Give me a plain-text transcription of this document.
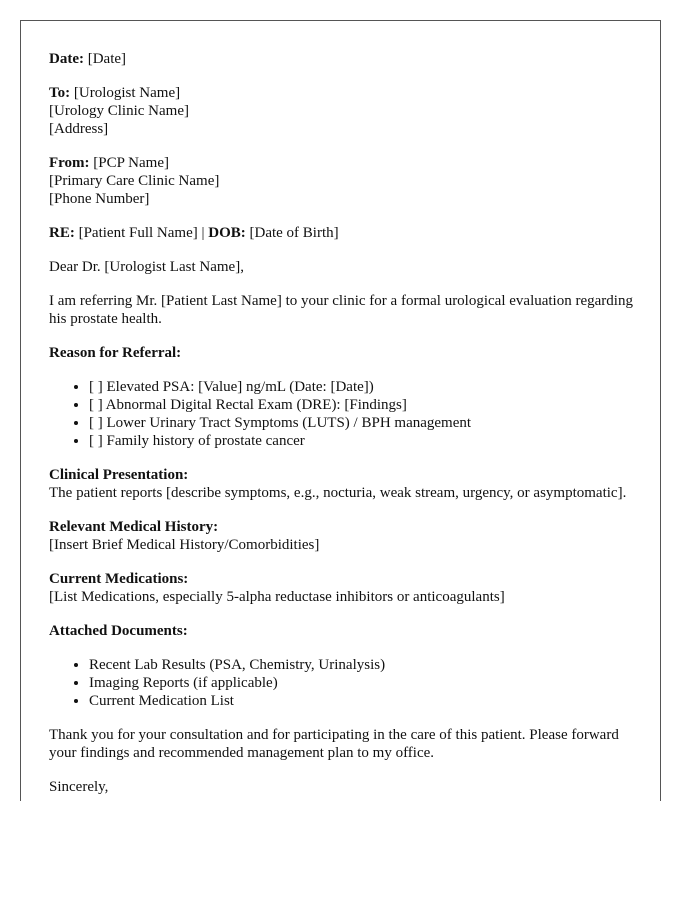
Date: [Date]

To: [Urologist Name]
[Urology Clinic Name]
[Address]

From: [PCP Name]
[Primary Care Clinic Name]
[Phone Number]

RE: [Patient Full Name] | DOB: [Date of Birth]

Dear Dr. [Urologist Last Name],

I am referring Mr. [Patient Last Name] to your clinic for a formal urological evaluation regarding his prostate health.

Reason for Referral:

• [ ] Elevated PSA: [Value] ng/mL (Date: [Date])
• [ ] Abnormal Digital Rectal Exam (DRE): [Findings]
• [ ] Lower Urinary Tract Symptoms (LUTS) / BPH management
• [ ] Family history of prostate cancer

Clinical Presentation:
The patient reports [describe symptoms, e.g., nocturia, weak stream, urgency, or asymptomatic].

Relevant Medical History:
[Insert Brief Medical History/Comorbidities]

Current Medications:
[List Medications, especially 5-alpha reductase inhibitors or anticoagulants]

Attached Documents:

• Recent Lab Results (PSA, Chemistry, Urinalysis)
• Imaging Reports (if applicable)
• Current Medication List

Thank you for your consultation and for participating in the care of this patient. Please forward your findings and recommended management plan to my office.

Sincerely,
